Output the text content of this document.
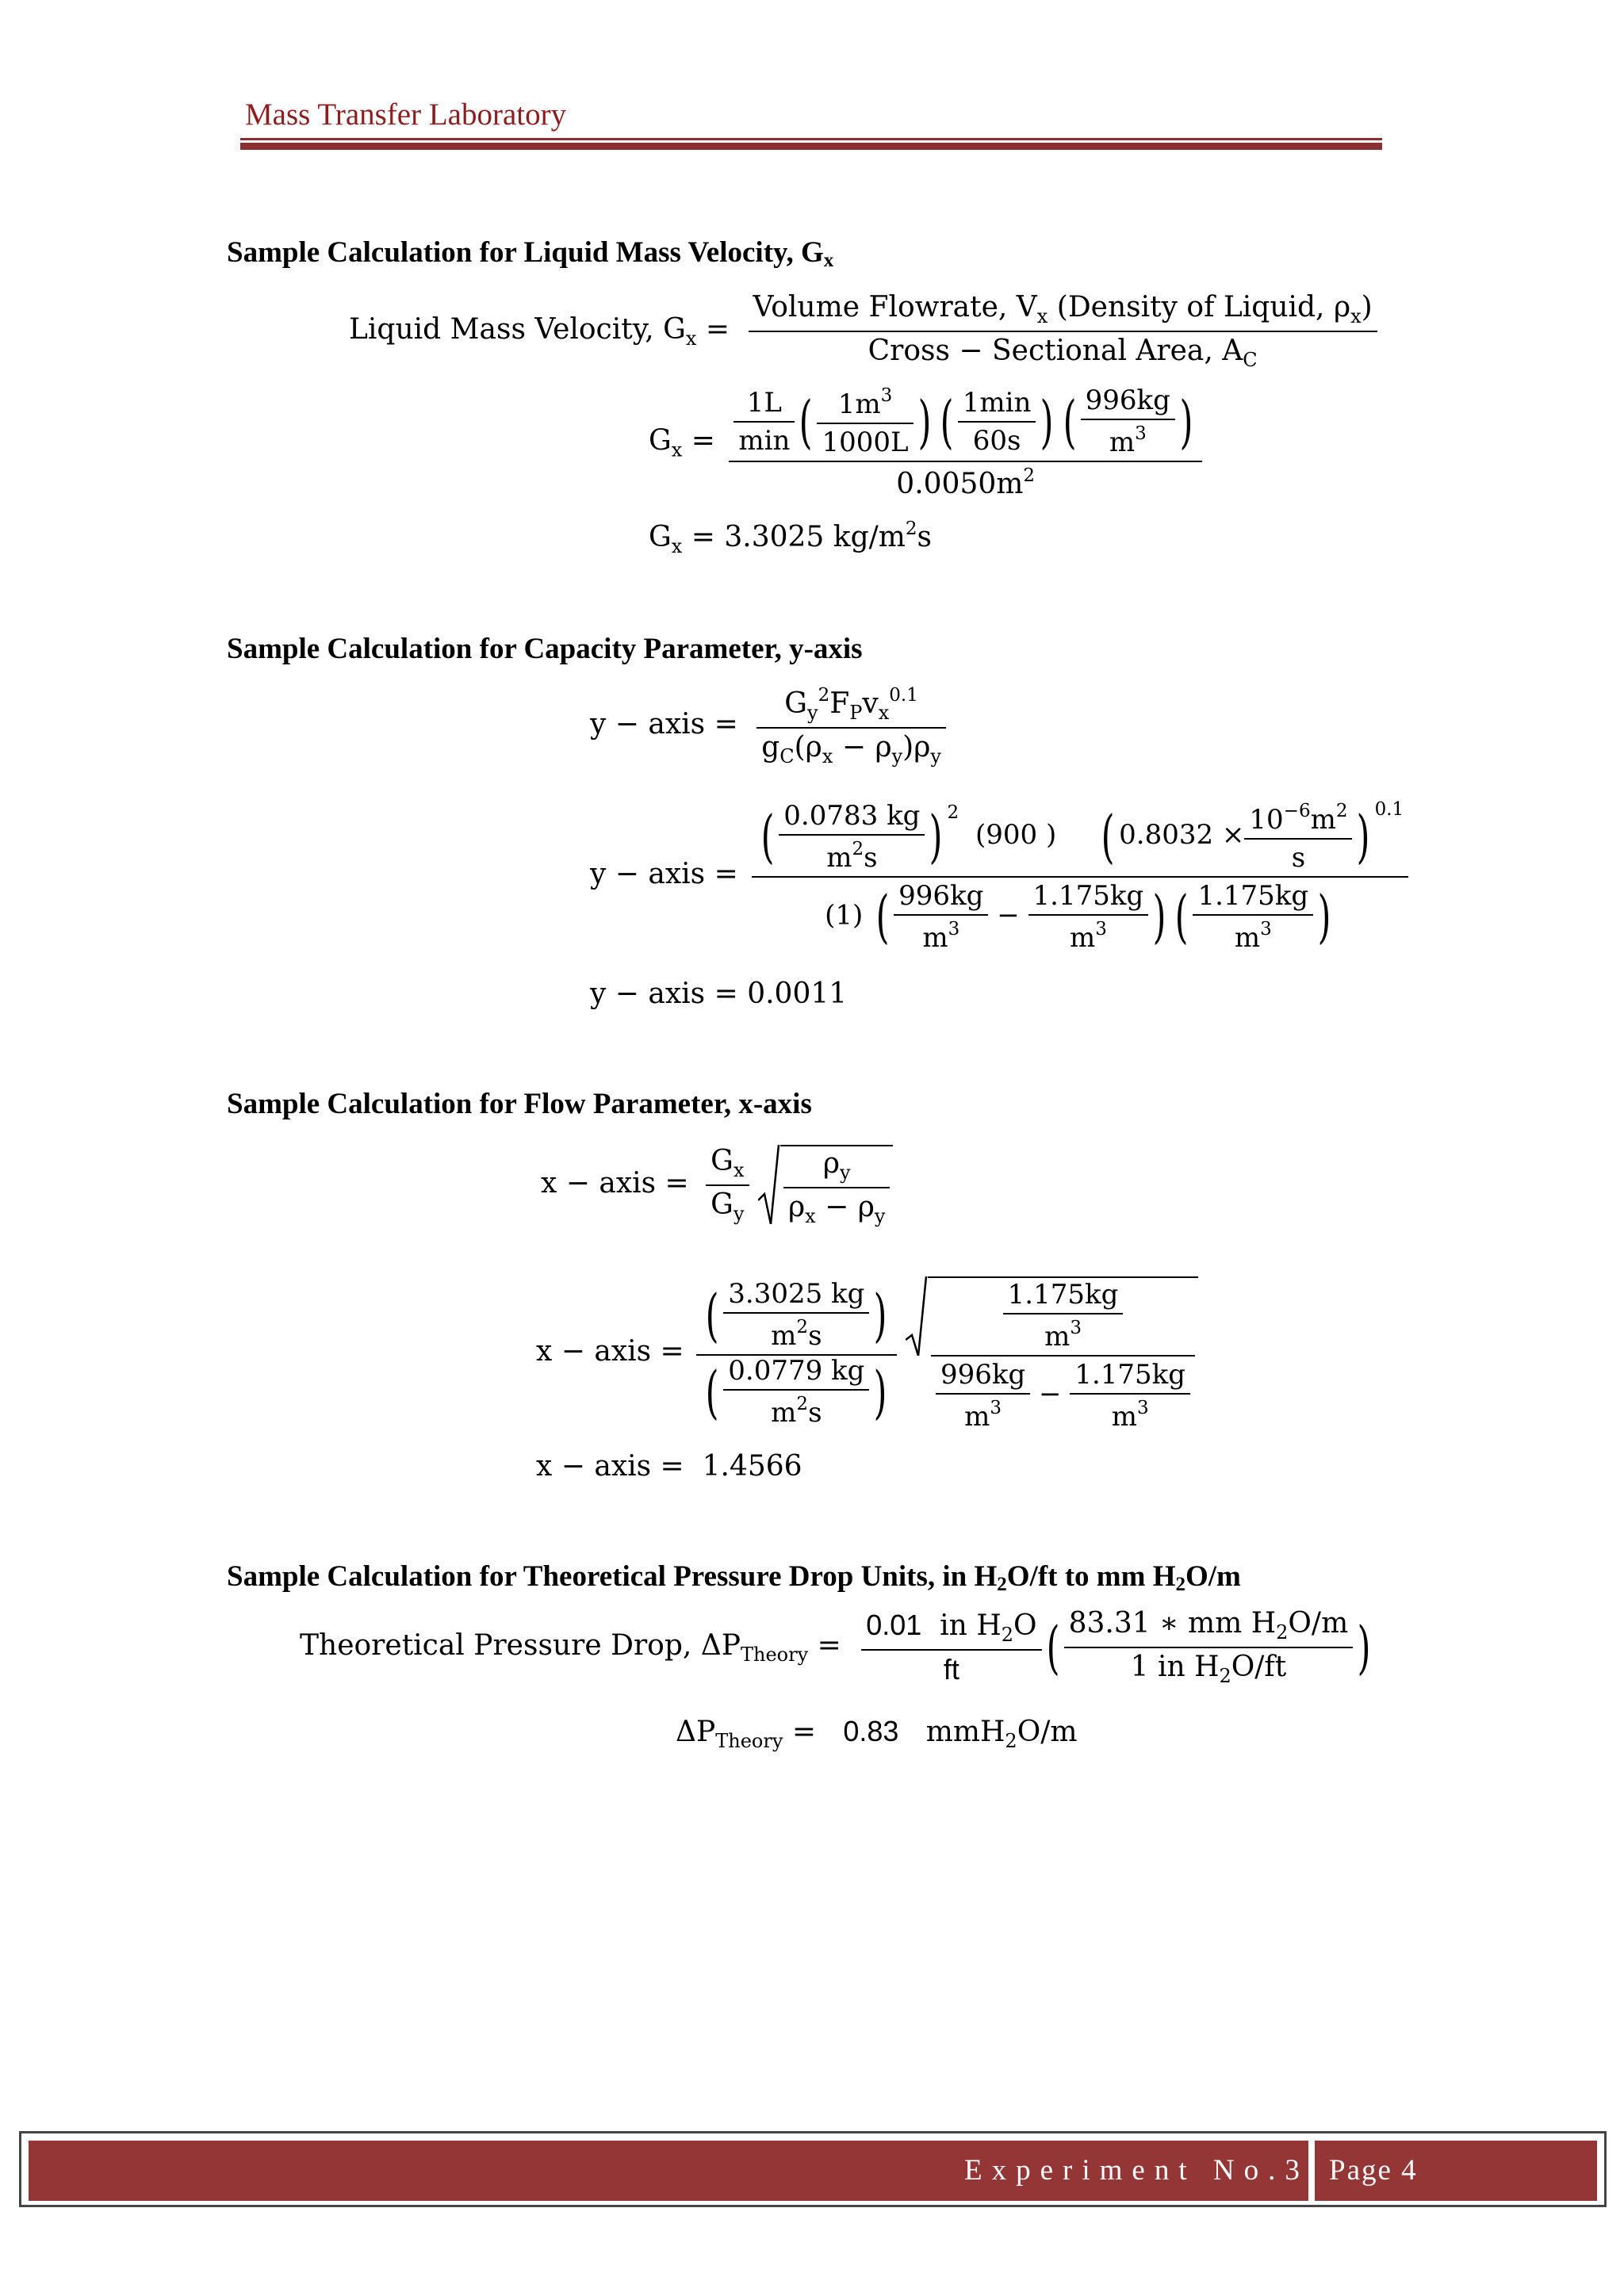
Mass Transfer Laboratory
Sample Calculation for Liquid Mass Velocity, $G_x$
Liquid Mass Velocity, $G_x = \frac{Volume Flowrate, V_x (Density of Liquid, \rho_x)}{Cross - Sectional Area, A_C}$
$G_x = \frac{\frac{1L}{\min} ( \frac{1m^3}{1000L} ) ( \frac{1\min}{60s} ) ( \frac{996kg}{m^3} )}{0.0050m^2}$
$G_x = 3.3025$ $kg/m^2s$
Sample Calculation for Capacity Parameter, y-axis
y − axis = $\frac{G_y^2F_Pv_x^{0.1}}{g_C(\rho_x - \rho_y)\rho_y}$
y − axis = $\frac{( \frac{0.0783 kg}{m^2s} ) ^2 (900 ) ( 0.8032 \times \frac{10^{-6}m^2}{s} ) ^{0.1}}{(1) ( \frac{996kg}{m^3} - \frac{1.175kg}{m^3} ) ( \frac{1.175kg}{m^3} )}$
y − axis = 0.0011
Sample Calculation for Flow Parameter, x-axis
x − axis = $\frac{G_x}{G_y}$
$\frac{\rho_y}{\rho_x - \rho_y}$
x − axis = $\frac{( \frac{3.3025 kg}{m^2s} )}{( \frac{0.0779 kg}{m^2s} )}$
$\frac{\frac{1.175kg}{m^3}}{\frac{996kg}{m^3} - \frac{1.175kg}{m^3}}$
x − axis = 1.4566
Sample Calculation for Theoretical Pressure Drop Units, in $H_2O/ft$ to mm $H_2O/m$
Theoretical Pressure Drop, $\Delta P_{Theory} = \frac{0.01 in H_2O}{ft}$ ( $\frac{83.31 ∗ mm H_2O/m}{1 in H_2O/ft}$ )
$\Delta P_{Theory} = 0.83$ mmH$_2$O/m
Experiment No.3 Page 4
